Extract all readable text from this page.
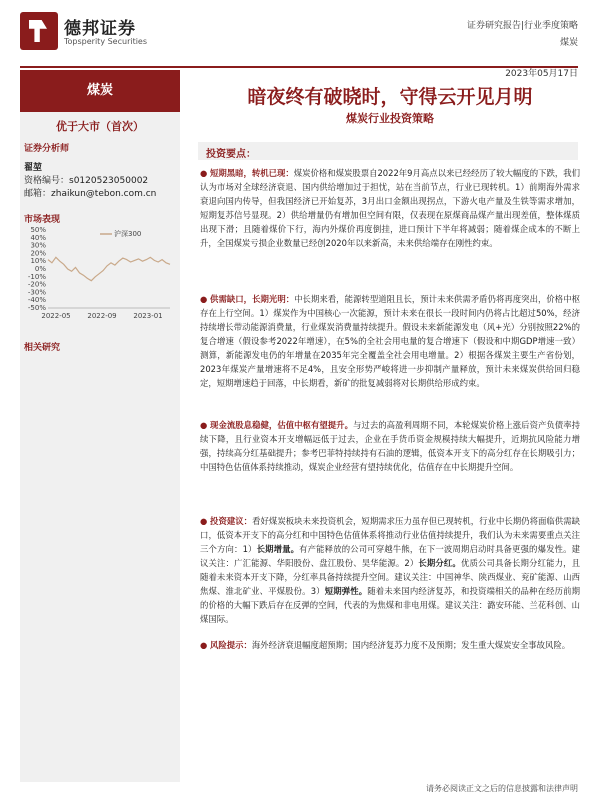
德邦证券
Topsperity Securities
证券研究报告|行业季度策略
煤炭
2023年05月17日
煤炭
优于大市（首次）
证券分析师
翟堃
资格编号：s0120523050002
邮箱：zhaikun@tebon.com.cn
市场表现
50%
40%
30%
20%
10%
0%
-10%
-20%
-30%
-40%
-50%
2022-05 2022-09 2023-01
沪深300
相关研究
暗夜终有破晓时，守得云开见月明
煤炭行业投资策略
投资要点：
● 短期黑暗，转机已现：煤炭价格和煤炭股票自2022年9月高点以来已经经历了较大幅度的下跌，我们认为市场对全球经济衰退、国内供给增加过于担忧，站在当前节点，行业已现转机。1）前期海外需求衰退向国内传导，但我国经济已开始复苏，3月出口金额出现拐点，下游火电产量及生铁等需求增加，短期复苏信号显现。2）供给增量仍有增加但空间有限，仅表现在原煤商品煤产量出现差值，整体煤质出现下滑；且随着煤价下行，海内外煤价再度倒挂，进口预计下半年将减弱；随着煤企成本的不断上升，全国煤炭亏损企业数量已经创2020年以来新高，未来供给端存在刚性约束。
● 供需缺口，长期光明：中长期来看，能源转型道阻且长，预计未来供需矛盾仍将再度突出，价格中枢存在上行空间。1）煤炭作为中国核心一次能源，预计未来在很长一段时间内仍将占比超过50%，经济持续增长带动能源消费量，行业煤炭消费量持续提升。假设未来新能源发电（风+光）分别按照22%的复合增速（假设参考2022年增速），在5%的全社会用电量的复合增速下（假设和中期GDP增速一致）测算，新能源发电仍的年增量在2035年完全覆盖全社会用电增量。2）根据各煤炭主要生产省份划，2023年煤炭产量增速将不足4%，且安全形势严峻将进一步抑制产量释放，预计未来煤炭供给回归稳定，短期增速趋于回落，中长期看，新矿的批复减弱将对长期供给形成约束。
● 现金流股息稳健，估值中枢有望提升。与过去的高盈利周期不同，本轮煤炭价格上涨后资产负债率持续下降，且行业资本开支增幅远低于过去，企业在手货币资金规模持续大幅提升，近期抗风险能力增强，持续高分红基础提升；参考巴菲特持续持有石油的逻辑，低资本开支下的高分红存在长期吸引力；中国特色估值体系持续推动，煤炭企业经营有望持续优化，估值存在中长期提升空间。
● 投资建议：看好煤炭板块未来投资机会，短期需求压力虽存但已现转机，行业中长期仍将面临供需缺口，低资本开支下的高分红和中国特色估值体系将推动行业估值持续提升，我们认为未来需要重点关注三个方向：1）长期增量。有产能释放的公司可穿越牛熊，在下一波周期启动时具备更强的爆发性。建议关注：广汇能源、华阳股份、盘江股份、昊华能源。2）长期分红。优质公司具备长期分红能力，且随着未来资本开支下降，分红率具备持续提升空间。建议关注：中国神华、陕西煤业、兖矿能源、山西焦煤、淮北矿业、平煤股份。3）短期弹性。随着未来国内经济复苏，和投资端相关的品种在经历前期的价格的大幅下跌后存在反弹的空间，代表的为焦煤和非电用煤。建议关注：潞安环能、兰花科创、山煤国际。
● 风险提示：海外经济衰退幅度超预期；国内经济复苏力度不及预期；发生重大煤炭安全事故风险。
请务必阅读正文之后的信息披露和法律声明
